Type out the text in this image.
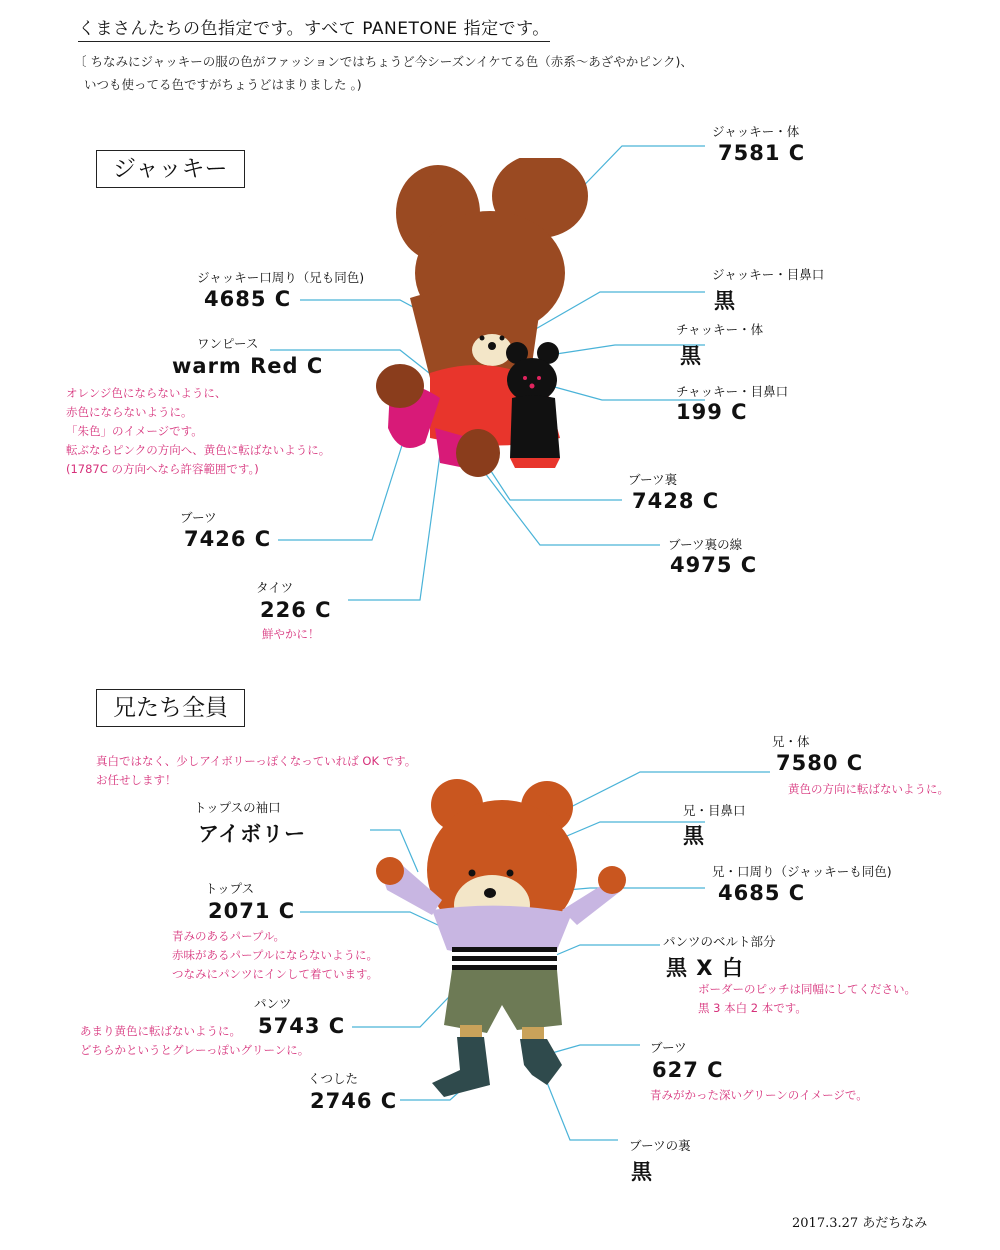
くまさんたちの色指定です。すべて PANETONE 指定です。
〔 ちなみにジャッキーの服の色がファッションではちょうど今シーズンイケてる色（赤系〜あざやかピンク)、
いつも使ってる色ですがちょうどはまりました 。)
ジャッキー
兄たち全員
ジャッキー・体
7581 C
ジャッキー・目鼻口
黒
チャッキー・体
黒
チャッキー・目鼻口
199 C
ブーツ裏
7428 C
ブーツ裏の線
4975 C
ジャッキー口周り（兄も同色)
4685 C
ワンピース
warm Red C
オレンジ色にならないように、
赤色にならないように。
「朱色」のイメージです。
転ぶならピンクの方向へ、黄色に転ばないように。
(1787C の方向へなら許容範囲です。)
ブーツ
7426 C
タイツ
226 C
鮮やかに！
真白ではなく、少しアイボリーっぽくなっていれば OK です。
お任せします！
トップスの袖口
アイボリー
トップス
2071 C
青みのあるパープル。
赤味があるパープルにならないように。
つなみにパンツにインして着ています。
パンツ
5743 C
あまり黄色に転ばないように。
どちらかというとグレーっぽいグリーンに。
くつした
2746 C
兄・体
7580 C
黄色の方向に転ばないように。
兄・目鼻口
黒
兄・口周り（ジャッキーも同色)
4685 C
パンツのベルト部分
黒 X 白
ボーダーのピッチは同幅にしてください。
黒 3 本白 2 本です。
ブーツ
627 C
青みがかった深いグリーンのイメージで。
ブーツの裏
黒
2017.3.27 あだちなみ
